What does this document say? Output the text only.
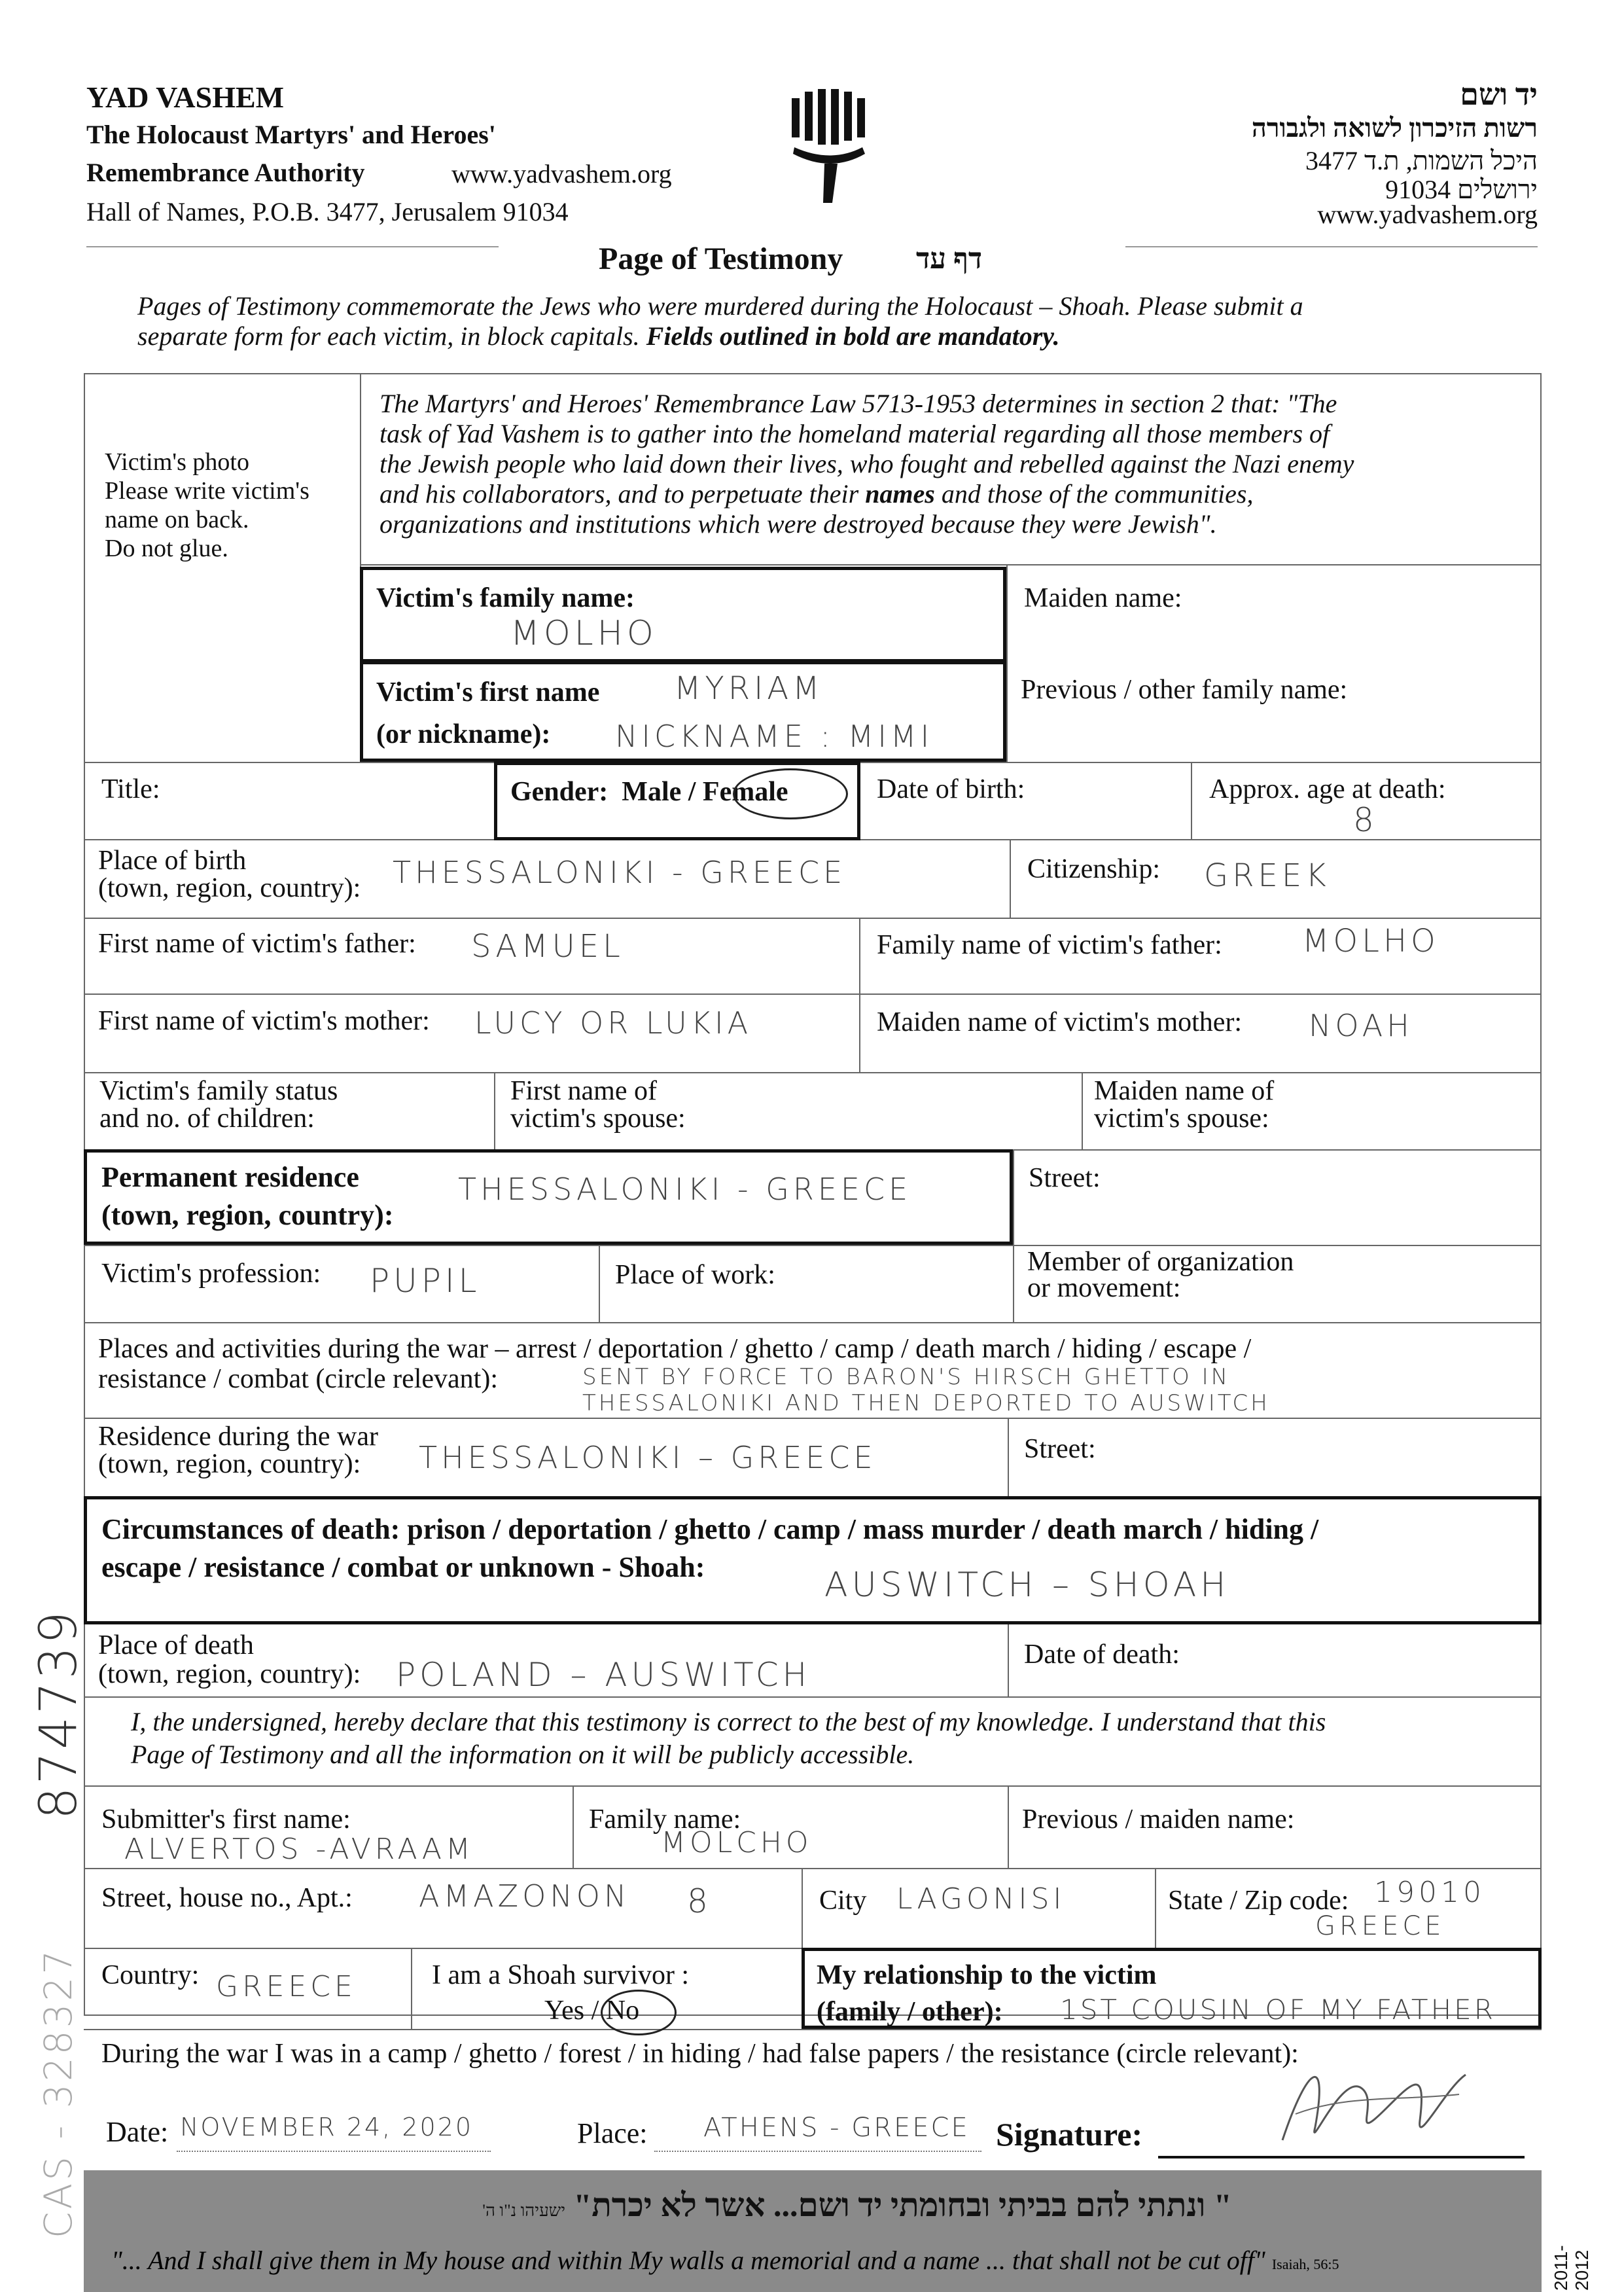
YAD VASHEM
The Holocaust Martyrs' and Heroes'
Remembrance Authority	www.yadvashem.org
Hall of Names, P.O.B. 3477, Jerusalem 91034
יד ושם
רשות הזיכרון לשואה ולגבורה
היכל השמות, ת.ד 3477
ירושלים 91034
www.yadvashem.org
Page of Testimony	דף עד
Pages of Testimony commemorate the Jews who were murdered during the Holocaust – Shoah. Please submit a
separate form for each victim, in block capitals. Fields outlined in bold are mandatory.
Victim's photo
Please write victim's
name on back.
Do not glue.
The Martyrs' and Heroes' Remembrance Law 5713-1953 determines in section 2 that: "The
task of Yad Vashem is to gather into the homeland material regarding all those members of
the Jewish people who laid down their lives, who fought and rebelled against the Nazi enemy
and his collaborators, and to perpetuate their names and those of the communities,
organizations and institutions which were destroyed because they were Jewish".
Victim's family name:
MOLHO
Maiden name:
Victim's first name MYRIAM
(or nickname): NICKNAME : MIMI
Previous / other family name:
Title:	Gender: Male / Female	Date of birth:	Approx. age at death:
8
Place of birth
(town, region, country): THESSALONIKI - GREECE	Citizenship: GREEK
First name of victim's father: SAMUEL	Family name of victim's father:	MOLHO
First name of victim's mother: LUCY OR LUKIA	Maiden name of victim's mother: NOAH
Victim's family status
and no. of children:
First name of
victim's spouse:
Maiden name of
victim's spouse:
Permanent residence
(town, region, country):
THESSALONIKI - GREECE	Street:
Victim's profession: PUPIL	Place of work:	Member of organization
or movement:
Places and activities during the war – arrest / deportation / ghetto / camp / death march / hiding / escape /
resistance / combat (circle relevant):	SENT BY FORCE TO BARON'S HIRSCH GHETTO IN
THESSALONIKI AND THEN DEPORTED TO AUSWITCH
Residence during the war
(town, region, country):	THESSALONIKI – GREECE	Street:
Circumstances of death: prison / deportation / ghetto / camp / mass murder / death march / hiding /
escape / resistance / combat or unknown - Shoah:	AUSWITCH – SHOAH
Place of death
(town, region, country): POLAND – AUSWITCH
Date of death:
I, the undersigned, hereby declare that this testimony is correct to the best of my knowledge. I understand that this
Page of Testimony and all the information on it will be publicly accessible.
Submitter's first name:
ALVERTOS -AVRAAM
Family name:
MOLCHO
Previous / maiden name:
Street, house no., Apt.: AMAZONON 8	City LAGONISI	State / Zip code: 19010
GREECE
Country: GREECE	I am a Shoah survivor :
Yes / No
My relationship to the victim
(family / other):	1ST COUSIN OF MY FATHER
During the war I was in a camp / ghetto / forest / in hiding / had false papers / the resistance (circle relevant):
Date: NOVEMBER 24, 2020	Place: ATHENS - GREECE Signature:
" ונתתי להם בביתי ובחומתי יד ושם... אשר לא יכרת" ישעיהו נ"ו ה'
"... And I shall give them in My house and within My walls a memorial and a name ... that shall not be cut off" Isaiah, 56:5	2011-2012
874739
CAS - 328327
